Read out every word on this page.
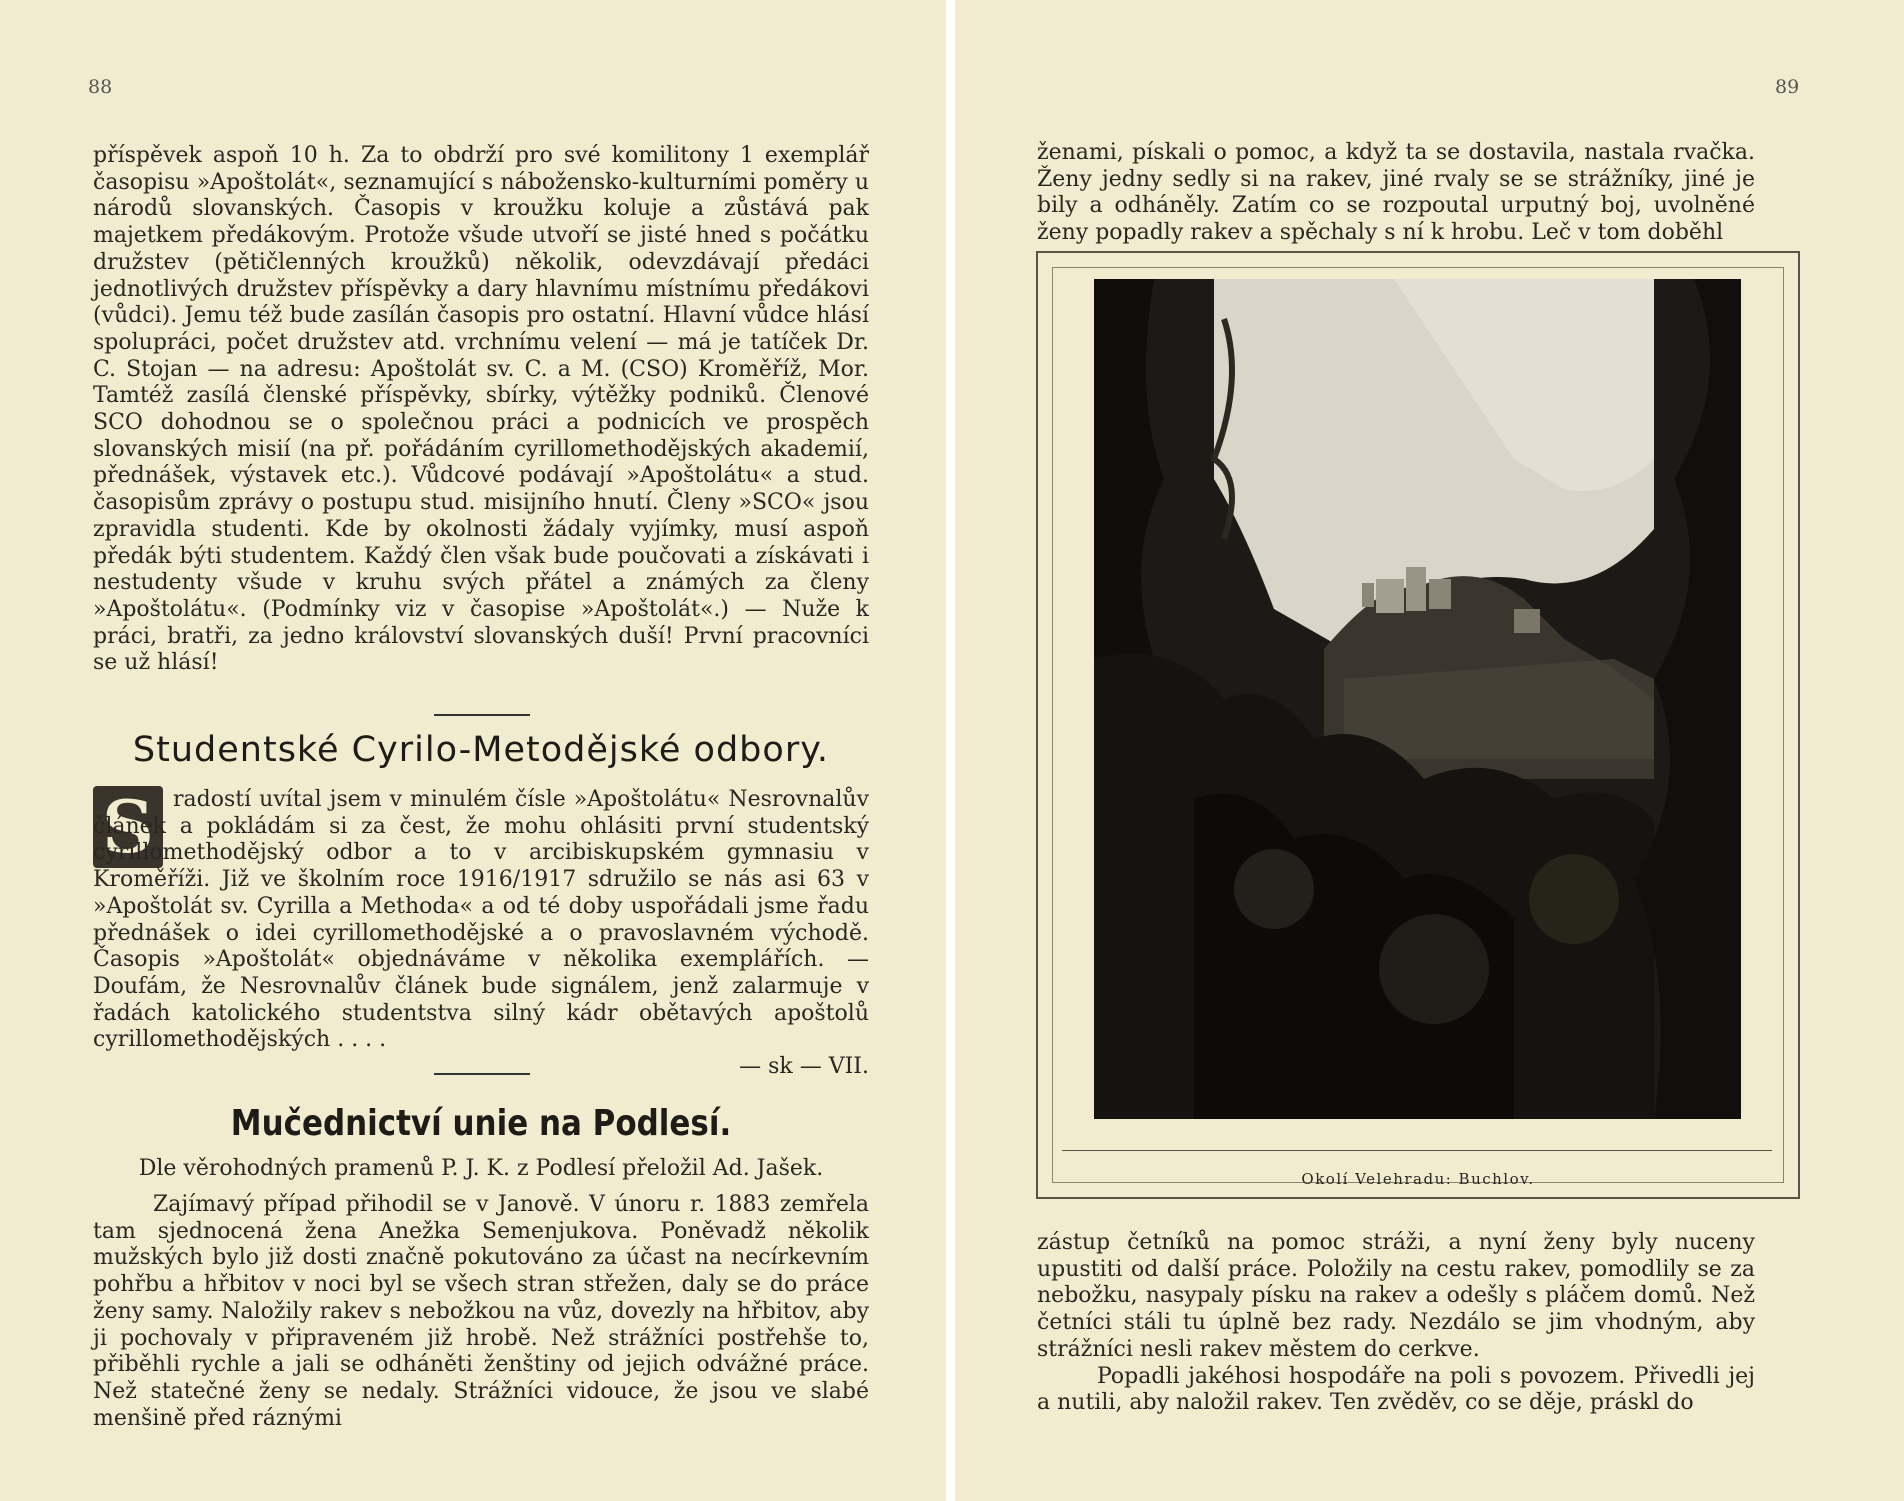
88

příspěvek aspoň 10 h. Za to obdrží pro své komilitony 1 exemplář časopisu »Apoštolát«, seznamující s nábožensko-kulturními poměry u národů slovanských. Časopis v kroužku koluje a zůstává pak majetkem předákovým. Protože všude utvoří se jisté hned s počátku družstev (pětičlenných kroužků) několik, odevzdávají předáci jednotlivých družstev příspěvky a dary hlavnímu místnímu předákovi (vůdci). Jemu též bude zasílán časopis pro ostatní. Hlavní vůdce hlásí spolupráci, počet družstev atd. vrchnímu velení — má je tatíček Dr. C. Stojan — na adresu: Apoštolát sv. C. a M. (CSO) Kroměříž, Mor. Tamtéž zasílá členské příspěvky, sbírky, výtěžky podniků. Členové SCO dohodnou se o společnou práci a podnicích ve prospěch slovanských misií (na př. pořádáním cyrillomethodějských akademií, přednášek, výstavek etc.). Vůdcové podávají »Apoštolátu« a stud. časopisům zprávy o postupu stud. misijního hnutí. Členy »SCO« jsou zpravidla studenti. Kde by okolnosti žádaly vyjímky, musí aspoň předák býti studentem. Každý člen však bude poučovati a získávati i nestudenty všude v kruhu svých přátel a známých za členy »Apoštolátu«. (Podmínky viz v časopise »Apoštolát«.) — Nuže k práci, bratři, za jedno království slovanských duší! První pracovníci se už hlásí!

Studentské Cyrilo-Metodějské odbory.
S radostí uvítal jsem v minulém čísle »Apoštolátu« Nesrovnalův článek a pokládám si za čest, že mohu ohlásiti první studentský cyrillomethodějský odbor a to v arcibiskupském gymnasiu v Kroměříži. Již ve školním roce 1916/1917 sdružilo se nás asi 63 v »Apoštolát sv. Cyrilla a Methoda« a od té doby uspořádali jsme řadu přednášek o idei cyrillomethodějské a o pravoslavném východě. Časopis »Apoštolát« objednáváme v několika exemplářích. — Doufám, že Nesrovnalův článek bude signálem, jenž zalarmuje v řadách katolického studentstva silný kádr obětavých apoštolů cyrillomethodějských . . . .

— sk — VII.
Mučednictví unie na Podlesí.

Dle věrohodných pramenů P. J. K. z Podlesí přeložil Ad. Jašek.

Zajímavý případ přihodil se v Janově. V únoru r. 1883 zemřela tam sjednocená žena Anežka Semenjukova. Poněvadž několik mužských bylo již dosti značně pokutováno za účast na necírkevním pohřbu a hřbitov v noci byl se všech stran střežen, daly se do práce ženy samy. Naložily rakev s nebožkou na vůz, dovezly na hřbitov, aby ji pochovaly v připraveném již hrobě. Než strážníci postřehše to, přiběhli rychle a jali se odháněti ženštiny od jejich odvážné práce. Než statečné ženy se nedaly. Strážníci vidouce, že jsou ve slabé menšině před ráznými

89

ženami, pískali o pomoc, a když ta se dostavila, nastala rvačka. Ženy jedny sedly si na rakev, jiné rvaly se se strážníky, jiné je bily a odháněly. Zatím co se rozpoutal urputný boj, uvolněné ženy popadly rakev a spěchaly s ní k hrobu. Leč v tom doběhl

zástup četníků na pomoc stráži, a nyní ženy byly nuceny upustiti od další práce. Položily na cestu rakev, pomodlily se za nebožku, nasypaly písku na rakev a odešly s pláčem domů. Než četníci stáli tu úplně bez rady. Nezdálo se jim vhodným, aby strážníci nesli rakev městem do cerkve.

Popadli jakéhosi hospodáře na poli s povozem. Přivedli jej a nutili, aby naložil rakev. Ten zvěděv, co se děje, práskl do

Okolí Velehradu: Buchlov.
